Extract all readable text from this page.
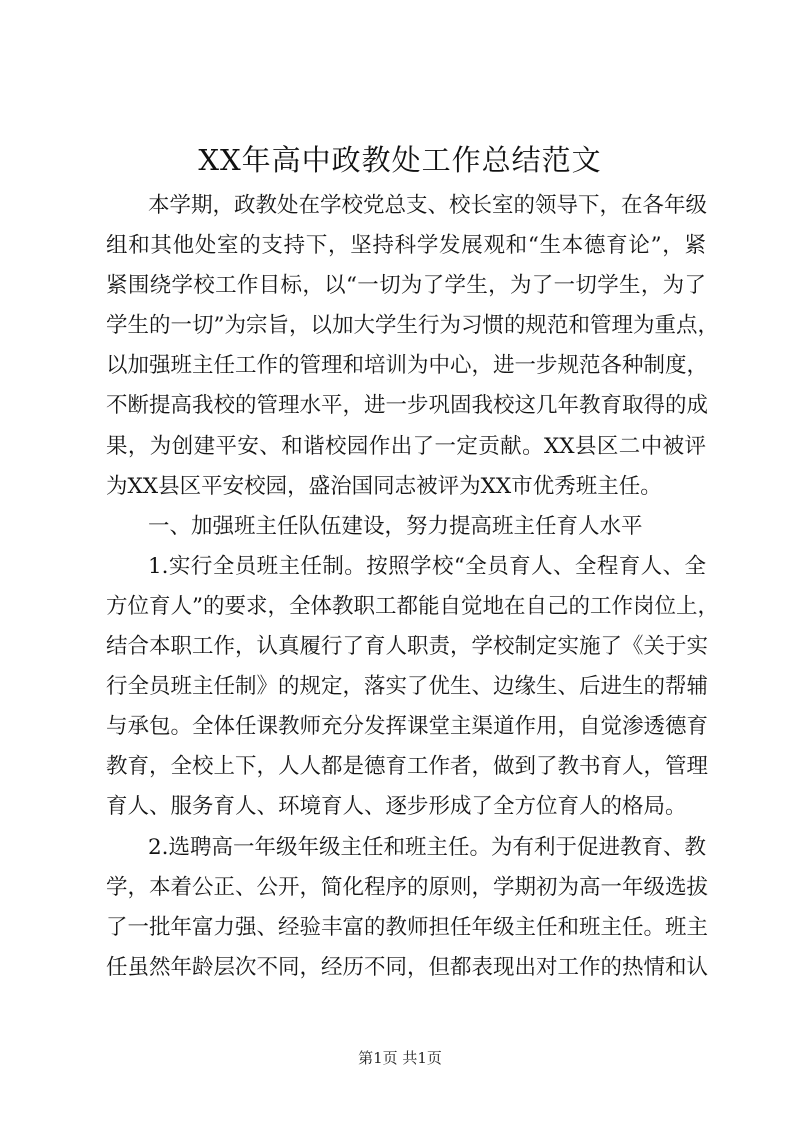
XX年高中政教处工作总结范文
本学期，政教处在学校党总支、校长室的领导下，在各年级
组和其他处室的支持下，坚持科学发展观和“生本德育论”，紧
紧围绕学校工作目标，以“一切为了学生，为了一切学生，为了
学生的一切”为宗旨，以加大学生行为习惯的规范和管理为重点，
以加强班主任工作的管理和培训为中心，进一步规范各种制度，
不断提高我校的管理水平，进一步巩固我校这几年教育取得的成
果，为创建平安、和谐校园作出了一定贡献。XX县区二中被评
为XX县区平安校园，盛治国同志被评为XX市优秀班主任。
一、加强班主任队伍建设，努力提高班主任育人水平
1.实行全员班主任制。按照学校“全员育人、全程育人、全
方位育人”的要求，全体教职工都能自觉地在自己的工作岗位上，
结合本职工作，认真履行了育人职责，学校制定实施了《关于实
行全员班主任制》的规定，落实了优生、边缘生、后进生的帮辅
与承包。全体任课教师充分发挥课堂主渠道作用，自觉渗透德育
教育，全校上下，人人都是德育工作者，做到了教书育人，管理
育人、服务育人、环境育人、逐步形成了全方位育人的格局。
2.选聘高一年级年级主任和班主任。为有利于促进教育、教
学，本着公正、公开，简化程序的原则，学期初为高一年级选拔
了一批年富力强、经验丰富的教师担任年级主任和班主任。班主
任虽然年龄层次不同，经历不同，但都表现出对工作的热情和认
第1页 共1页
